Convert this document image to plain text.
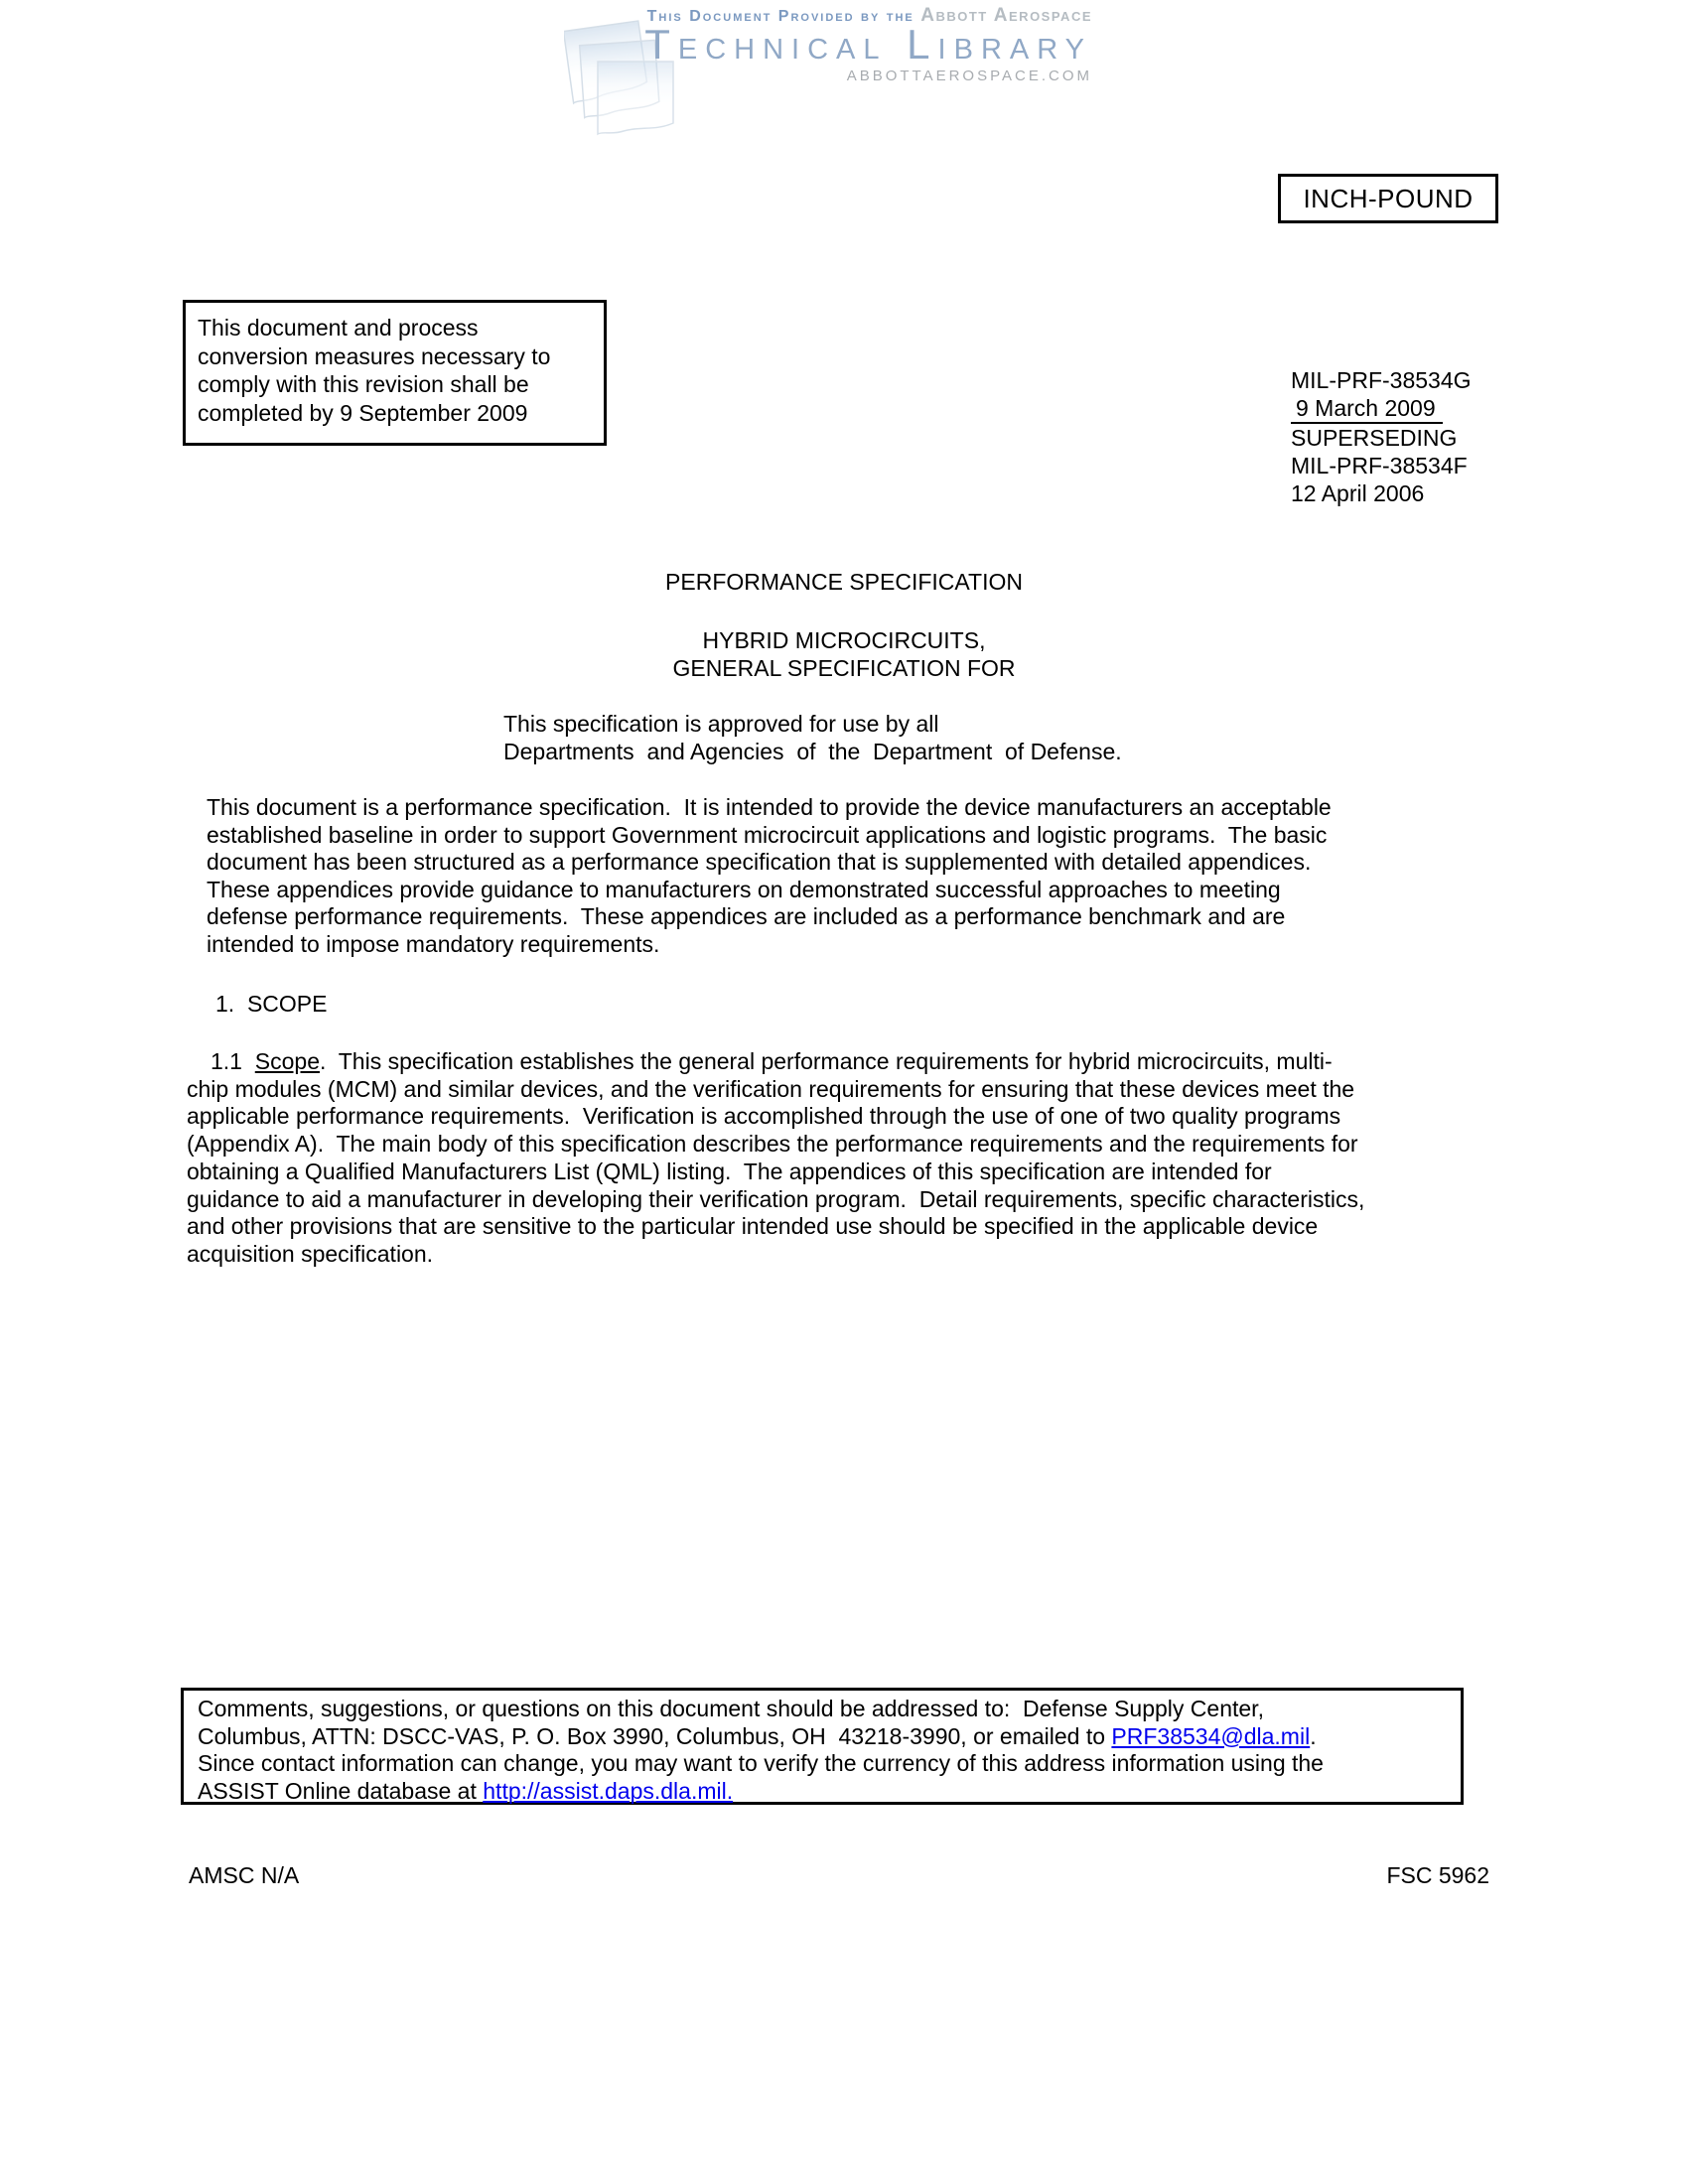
This Document Provided by the Abbott Aerospace
Technical Library
ABBOTTAEROSPACE.COM
INCH-POUND
This document and process
conversion measures necessary to
comply with this revision shall be
completed by 9 September 2009
MIL-PRF-38534G
9 March 2009
SUPERSEDING
MIL-PRF-38534F
12 April 2006
PERFORMANCE SPECIFICATION
HYBRID MICROCIRCUITS,
GENERAL SPECIFICATION FOR
This specification is approved for use by all
Departments  and Agencies  of  the  Department  of Defense.
This document is a performance specification.  It is intended to provide the device manufacturers an acceptable
established baseline in order to support Government microcircuit applications and logistic programs.  The basic
document has been structured as a performance specification that is supplemented with detailed appendices.
These appendices provide guidance to manufacturers on demonstrated successful approaches to meeting
defense performance requirements.  These appendices are included as a performance benchmark and are
intended to impose mandatory requirements.
1.  SCOPE
1.1  Scope.  This specification establishes the general performance requirements for hybrid microcircuits, multi-
chip modules (MCM) and similar devices, and the verification requirements for ensuring that these devices meet the
applicable performance requirements.  Verification is accomplished through the use of one of two quality programs
(Appendix A).  The main body of this specification describes the performance requirements and the requirements for
obtaining a Qualified Manufacturers List (QML) listing.  The appendices of this specification are intended for
guidance to aid a manufacturer in developing their verification program.  Detail requirements, specific characteristics,
and other provisions that are sensitive to the particular intended use should be specified in the applicable device
acquisition specification.
Comments, suggestions, or questions on this document should be addressed to:  Defense Supply Center,
Columbus, ATTN: DSCC-VAS, P. O. Box 3990, Columbus, OH  43218-3990, or emailed to PRF38534@dla.mil.
Since contact information can change, you may want to verify the currency of this address information using the
ASSIST Online database at http://assist.daps.dla.mil.
AMSC N/A	FSC 5962
